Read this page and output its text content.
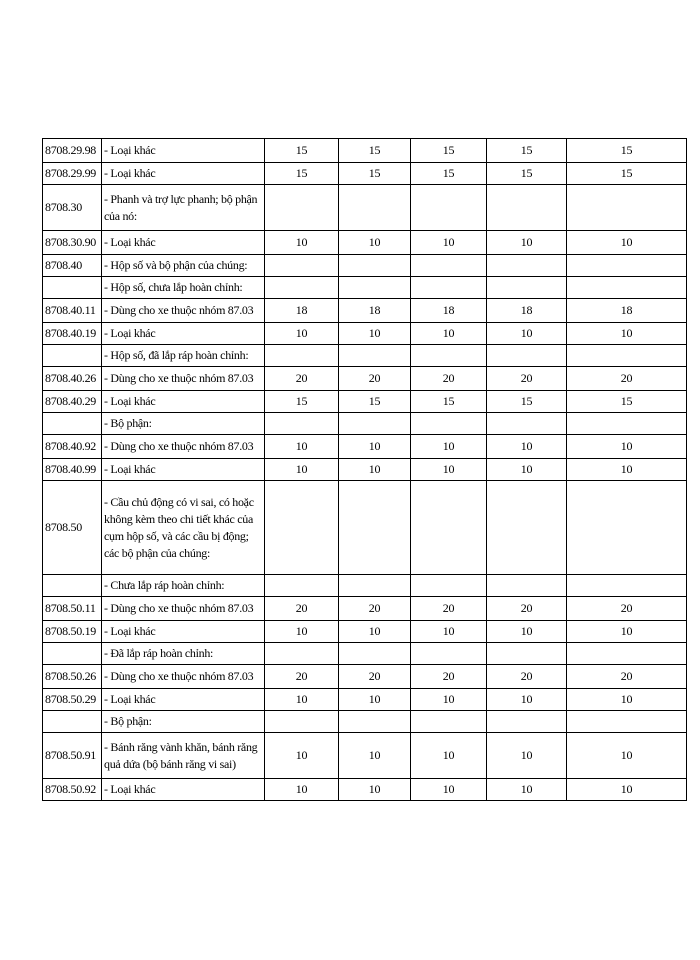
8708.29.98	- Loại khác	15	15	15	15	15
8708.29.99	- Loại khác	15	15	15	15	15
8708.30	- Phanh và trợ lực phanh; bộ phận của nó:					
8708.30.90	- Loại khác	10	10	10	10	10
8708.40	- Hộp số và bộ phận của chúng:					
	- Hộp số, chưa lắp hoàn chỉnh:					
8708.40.11	- Dùng cho xe thuộc nhóm 87.03	18	18	18	18	18
8708.40.19	- Loại khác	10	10	10	10	10
	- Hộp số, đã lắp ráp hoàn chỉnh:					
8708.40.26	- Dùng cho xe thuộc nhóm 87.03	20	20	20	20	20
8708.40.29	- Loại khác	15	15	15	15	15
	- Bộ phận:					
8708.40.92	- Dùng cho xe thuộc nhóm 87.03	10	10	10	10	10
8708.40.99	- Loại khác	10	10	10	10	10
8708.50	- Cầu chủ động có vi sai, có hoặc không kèm theo chi tiết khác của cụm hộp số, và các cầu bị động; các bộ phận của chúng:					
	- Chưa lắp ráp hoàn chỉnh:					
8708.50.11	- Dùng cho xe thuộc nhóm 87.03	20	20	20	20	20
8708.50.19	- Loại khác	10	10	10	10	10
	- Đã lắp ráp hoàn chỉnh:					
8708.50.26	- Dùng cho xe thuộc nhóm 87.03	20	20	20	20	20
8708.50.29	- Loại khác	10	10	10	10	10
	- Bộ phận:					
8708.50.91	- Bánh răng vành khăn, bánh răng quả dứa (bộ bánh răng vi sai)	10	10	10	10	10
8708.50.92	- Loại khác	10	10	10	10	10
